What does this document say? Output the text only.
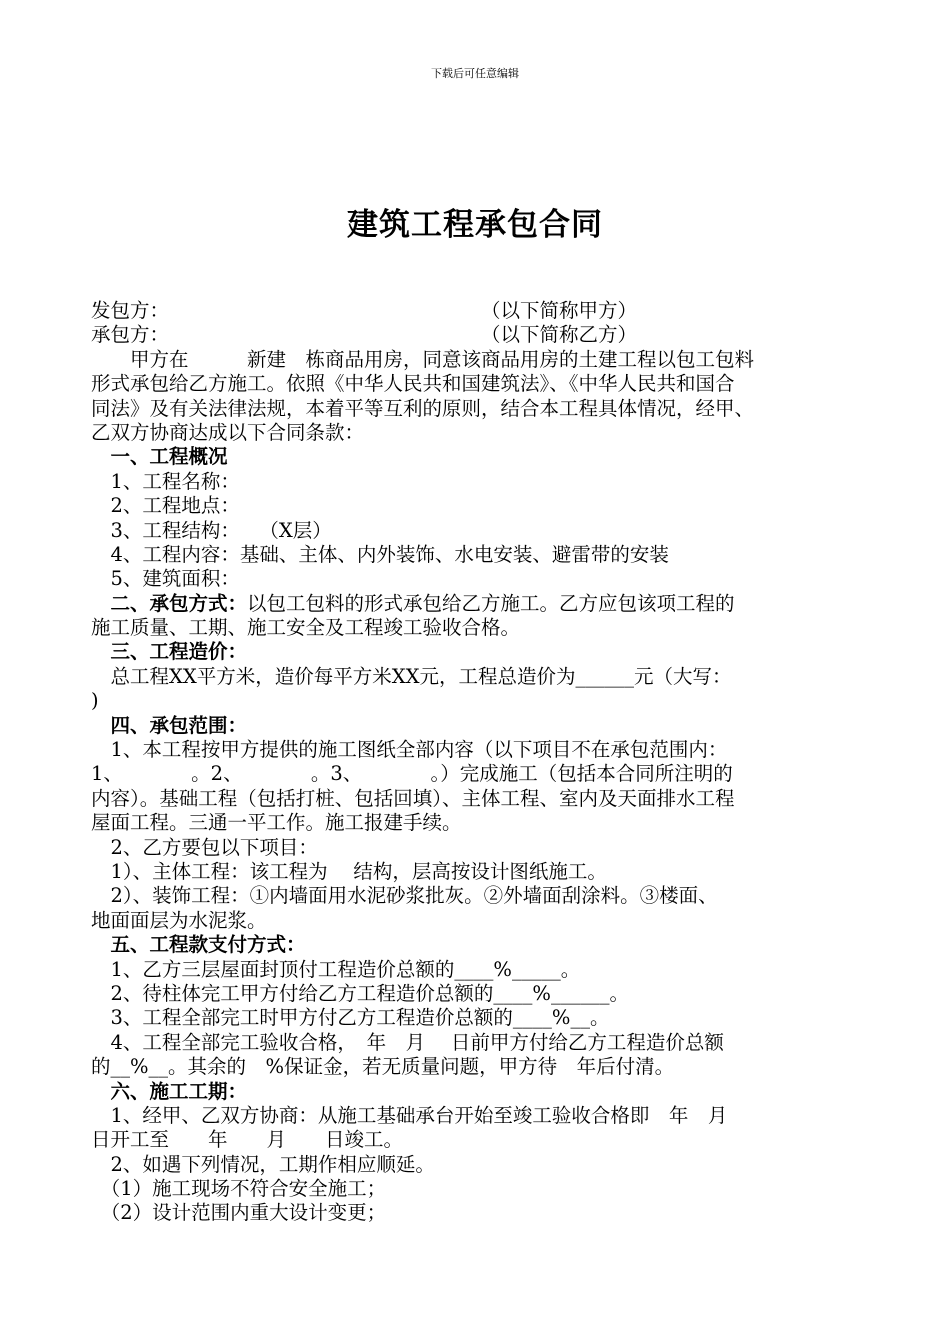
下载后可任意编辑
建筑工程承包合同
发包方：	（以下简称甲方）
承包方：	（以下简称乙方）
　　甲方在　　　新建　栋商品用房，同意该商品用房的土建工程以包工包料
形式承包给乙方施工。依照《中华人民共和国建筑法》、《中华人民共和国合
同法》及有关法律法规，本着平等互利的原则，结合本工程具体情况，经甲、
乙双方协商达成以下合同条款：
　一、工程概况
　1、工程名称：
　2、工程地点：
　3、工程结构：　　（X层）
　4、工程内容：基础、主体、内外装饰、水电安装、避雷带的安装
　5、建筑面积：
　二、承包方式：以包工包料的形式承包给乙方施工。乙方应包该项工程的
施工质量、工期、施工安全及工程竣工验收合格。
　三、工程造价：
　总工程XX平方米，造价每平方米XX元，工程总造价为______元（大写：
)
　四、承包范围：
　1、本工程按甲方提供的施工图纸全部内容（以下项目不在承包范围内：
1、　　　　。2、　　　　。3、　　　　。）完成施工（包括本合同所注明的
内容）。基础工程（包括打桩、包括回填）、主体工程、室内及天面排水工程
屋面工程。三通一平工作。施工报建手续。
　2、乙方要包以下项目：
　1）、主体工程：该工程为　 结构，层高按设计图纸施工。
　2）、装饰工程：①内墙面用水泥砂浆批灰。②外墙面刮涂料。③楼面、
地面面层为水泥浆。
　五、工程款支付方式：
　1、乙方三层屋面封顶付工程造价总额的____%_____。
　2、待柱体完工甲方付给乙方工程造价总额的____%______。
　3、工程全部完工时甲方付乙方工程造价总额的____%__。
　4、工程全部完工验收合格，　年　月　 日前甲方付给乙方工程造价总额
的__%__。其余的　%保证金，若无质量问题，甲方待　年后付清。
　六、施工工期：
　1、经甲、乙双方协商：从施工基础承台开始至竣工验收合格即　年　月
日开工至　　年　　月　　日竣工。
　2、如遇下列情况，工期作相应顺延。
　（1）施工现场不符合安全施工；
　（2）设计范围内重大设计变更；
